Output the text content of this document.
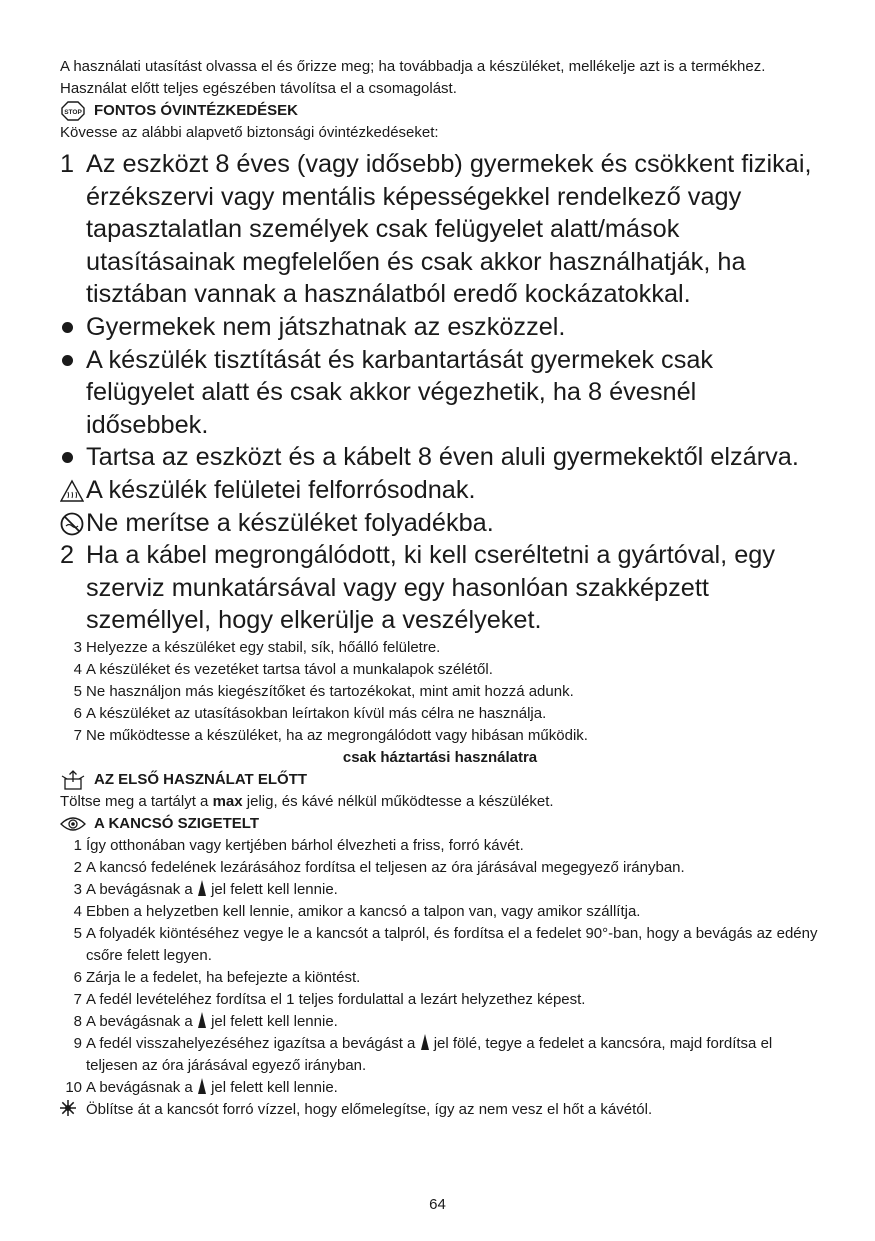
A használati utasítást olvassa el és őrizze meg; ha továbbadja a készüléket, mellékelje azt is a termékhez. Használat előtt teljes egészében távolítsa el a csomagolást.

STOP FONTOS ÓVINTÉZKEDÉSEK
Kövesse az alábbi alapvető biztonsági óvintézkedéseket:
1 Az eszközt 8 éves (vagy idősebb) gyermekek és csökkent fizikai, érzékszervi vagy mentális képességekkel rendelkező vagy tapasztalatlan személyek csak felügyelet alatt/mások utasításainak megfelelően és csak akkor használhatják, ha tisztában vannak a használatból eredő kockázatokkal.
Gyermekek nem játszhatnak az eszközzel.
A készülék tisztítását és karbantartását gyermekek csak felügyelet alatt és csak akkor végezhetik, ha 8 évesnél idősebbek.
Tartsa az eszközt és a kábelt 8 éven aluli gyermekektől elzárva.
A készülék felületei felforrósodnak.
Ne merítse a készüléket folyadékba.
2 Ha a kábel megrongálódott, ki kell cseréltetni a gyártóval, egy szerviz munkatársával vagy egy hasonlóan szakképzett személlyel, hogy elkerülje a veszélyeket.
3 Helyezze a készüléket egy stabil, sík, hőálló felületre.
4 A készüléket és vezetéket tartsa távol a munkalapok szélétől.
5 Ne használjon más kiegészítőket és tartozékokat, mint amit hozzá adunk.
6 A készüléket az utasításokban leírtakon kívül más célra ne használja.
7 Ne működtesse a készüléket, ha az megrongálódott vagy hibásan működik.
csak háztartási használatra
AZ ELSŐ HASZNÁLAT ELŐTT
Töltse meg a tartályt a max jelig, és kávé nélkül működtesse a készüléket.
A KANCSÓ SZIGETELT
1 Így otthonában vagy kertjében bárhol élvezheti a friss, forró kávét.
2 A kancsó fedelének lezárásához fordítsa el teljesen az óra járásával megegyező irányban.
3 A bevágásnak a  jel felett kell lennie.
4 Ebben a helyzetben kell lennie, amikor a kancsó a talpon van, vagy amikor szállítja.
5 A folyadék kiöntéséhez vegye le a kancsót a talpról, és fordítsa el a fedelet 90°-ban, hogy a bevágás az edény csőre felett legyen.
6 Zárja le a fedelet, ha befejezte a kiöntést.
7 A fedél levételéhez fordítsa el 1 teljes fordulattal a lezárt helyzethez képest.
8 A bevágásnak a  jel felett kell lennie.
9 A fedél visszahelyezéséhez igazítsa a bevágást a  jel fölé, tegye a fedelet a kancsóra, majd fordítsa el teljesen az óra járásával egyező irányban.
10 A bevágásnak a  jel felett kell lennie.
Öblítse át a kancsót forró vízzel, hogy előmelegítse, így az nem vesz el hőt a kávétól.
64
